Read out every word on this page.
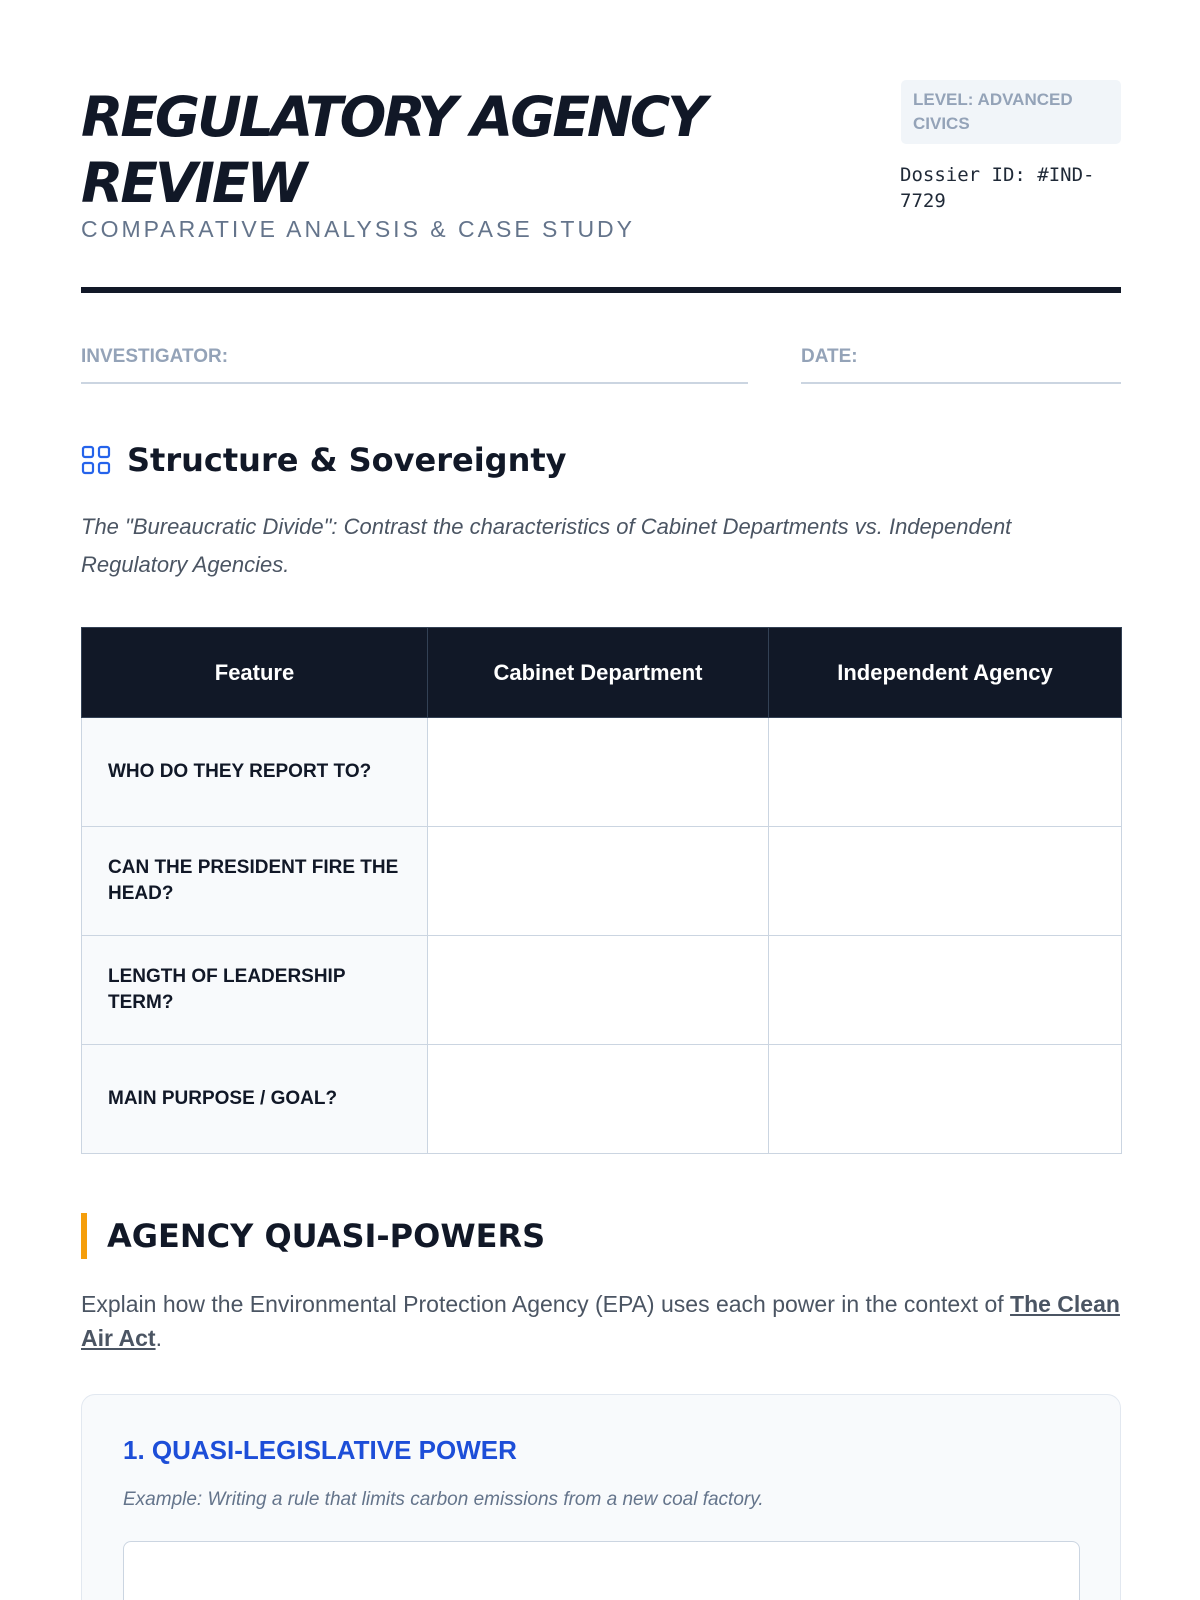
REGULATORY AGENCY REVIEW
COMPARATIVE ANALYSIS & CASE STUDY
LEVEL: ADVANCED CIVICS
Dossier ID: #IND-7729
INVESTIGATOR:	DATE:
Structure & Sovereignty

The "Bureaucratic Divide": Contrast the characteristics of Cabinet Departments vs. Independent Regulatory Agencies.

Feature	Cabinet Department	Independent Agency
WHO DO THEY REPORT TO?		
CAN THE PRESIDENT FIRE THE HEAD?		
LENGTH OF LEADERSHIP TERM?		
MAIN PURPOSE / GOAL?		
AGENCY QUASI-POWERS

Explain how the Environmental Protection Agency (EPA) uses each power in the context of The Clean Air Act.

1. QUASI-LEGISLATIVE POWER
Example: Writing a rule that limits carbon emissions from a new coal factory.
